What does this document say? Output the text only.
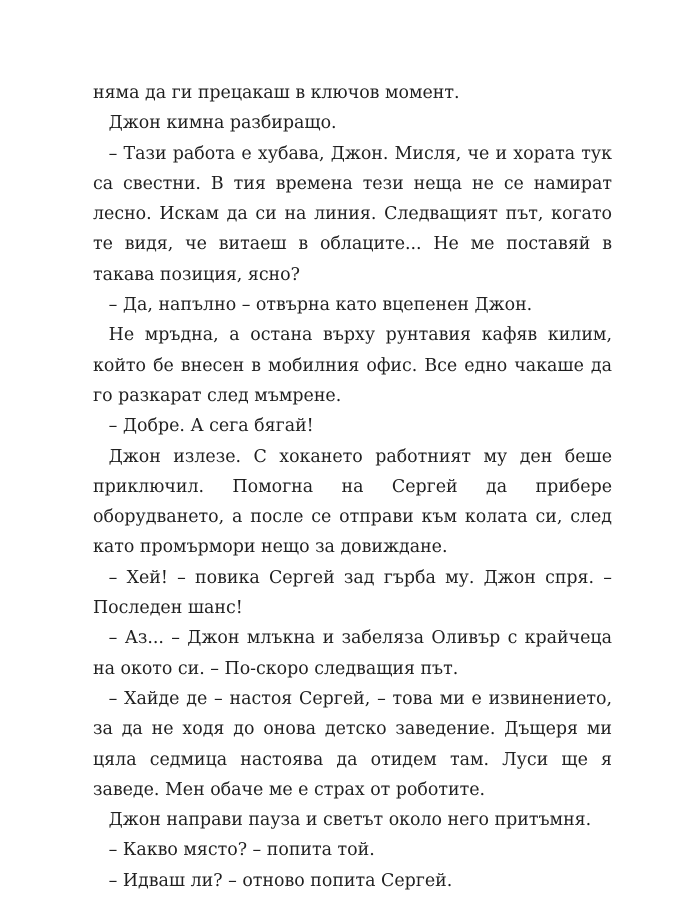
няма да ги прецакаш в ключов момент.

Джон кимна разбиращо.

– Тази работа е хубава, Джон. Мисля, че и хората тук са свестни. В тия времена тези неща не се намират лесно. Искам да си на линия. Следващият път, когато те видя, че витаеш в облаците... Не ме поставяй в такава позиция, ясно?

– Да, напълно – отвърна като вцепенен Джон.

Не мръдна, а остана върху рунтавия кафяв килим, който бе внесен в мобилния офис. Все едно чакаше да го разкарат след мъмрене.

– Добре. А сега бягай!

Джон излезе. С хоканeто работният му ден беше приключил. Помогна на Сергей да прибере оборудването, а после се отправи към колата си, след като промърмори нещо за довиждане.

– Хей! – повика Сергей зад гърба му. Джон спря. – Последен шанс!

– Аз... – Джон млъкна и забеляза Оливър с крайчеца на окото си. – По-скоро следващия път.

– Хайде де – настоя Сергей, – това ми е извинението, за да не ходя до онова детско заведение. Дъщеря ми цяла седмица настоява да отидем там. Луси ще я заведе. Мен обаче ме е страх от роботите.

Джон направи пауза и светът около него притъмня.

– Какво място? – попита той.

– Идваш ли? – отново попита Сергей.
